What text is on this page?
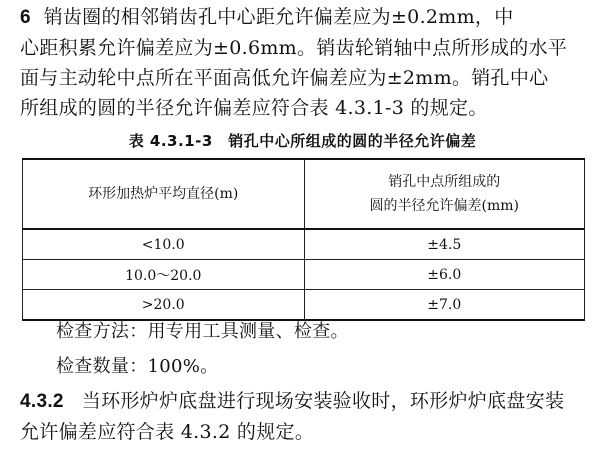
6 销齿圈的相邻销齿孔中心距允许偏差应为±0.2mm，中
心距积累允许偏差应为±0.6mm。销齿轮销轴中点所形成的水平
面与主动轮中点所在平面高低允许偏差应为±2mm。销孔中心
所组成的圆的半径允许偏差应符合表 4.3.1-3 的规定。
表 4.3.1-3　销孔中心所组成的圆的半径允许偏差
环形加热炉平均直径(m)	销孔中点所组成的
圆的半径允许偏差(mm)

<10.0	±4.5
10.0～20.0	±6.0
>20.0	±7.0
检查方法：用专用工具测量、检查。
检查数量：100%。
4.3.2 当环形炉炉底盘进行现场安装验收时，环形炉炉底盘安装
允许偏差应符合表 4.3.2 的规定。
